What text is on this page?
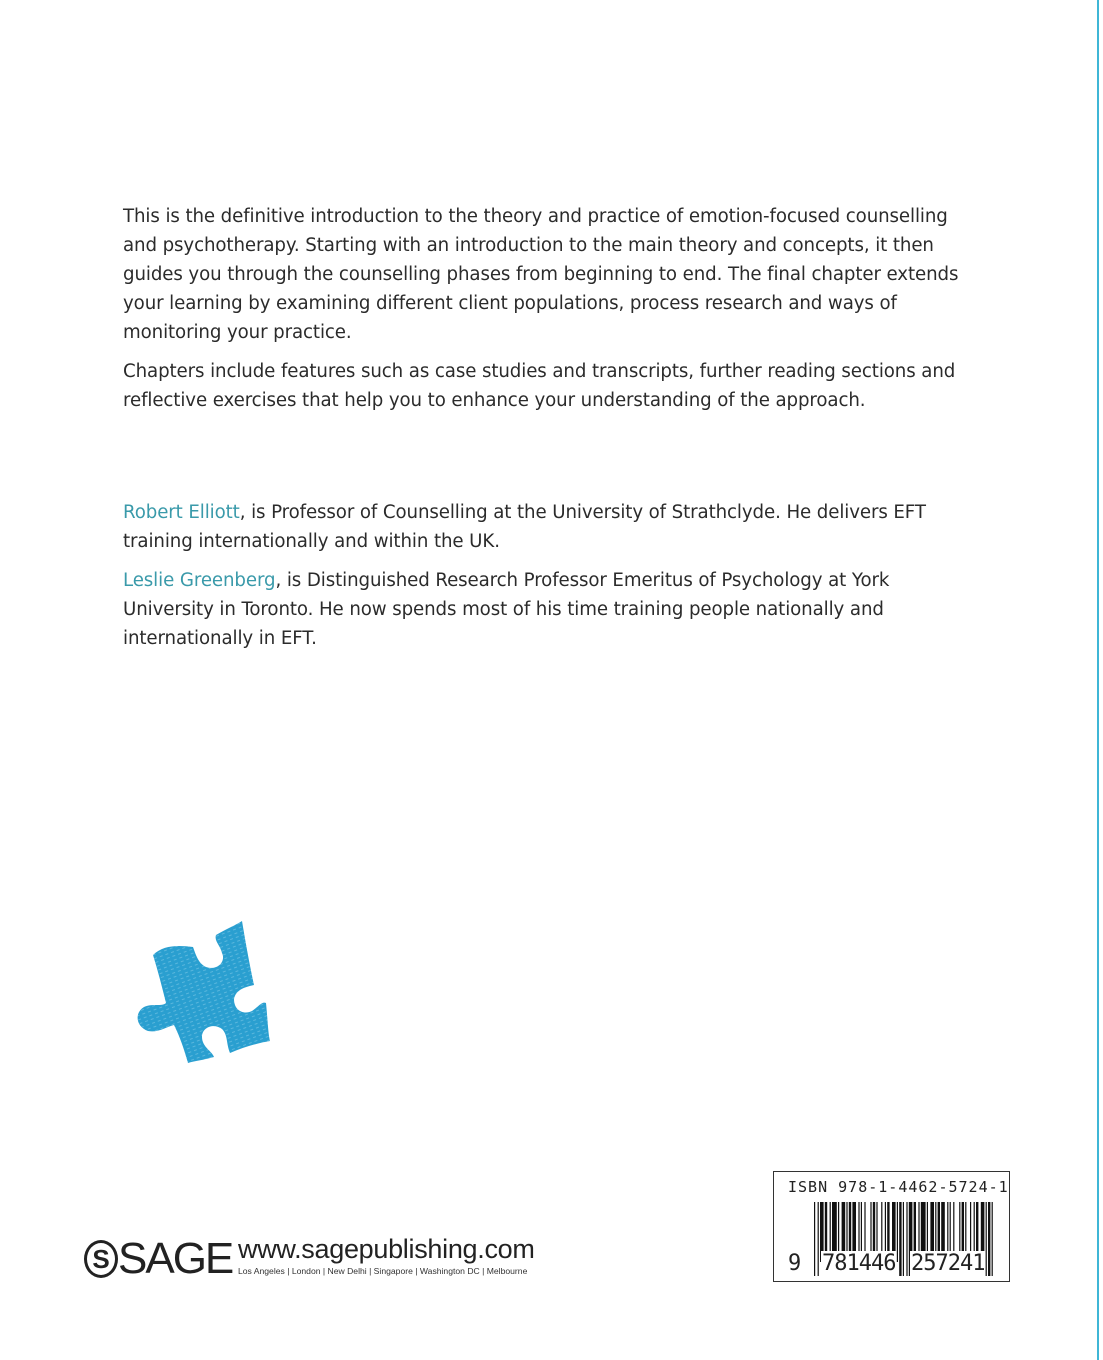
This is the definitive introduction to the theory and practice of emotion-focused counselling and psychotherapy. Starting with an introduction to the main theory and concepts, it then guides you through the counselling phases from beginning to end. The final chapter extends your learning by examining different client populations, process research and ways of monitoring your practice.

Chapters include features such as case studies and transcripts, further reading sections and reflective exercises that help you to enhance your understanding of the approach.

Robert Elliott, is Professor of Counselling at the University of Strathclyde. He delivers EFT training internationally and within the UK.

Leslie Greenberg, is Distinguished Research Professor Emeritus of Psychology at York University in Toronto. He now spends most of his time training people nationally and internationally in EFT.

S SAGE www.sagepublishing.com
Los Angeles | London | New Delhi | Singapore | Washington DC | Melbourne
ISBN 978-1-4462-5724-1
9 781446 257241
